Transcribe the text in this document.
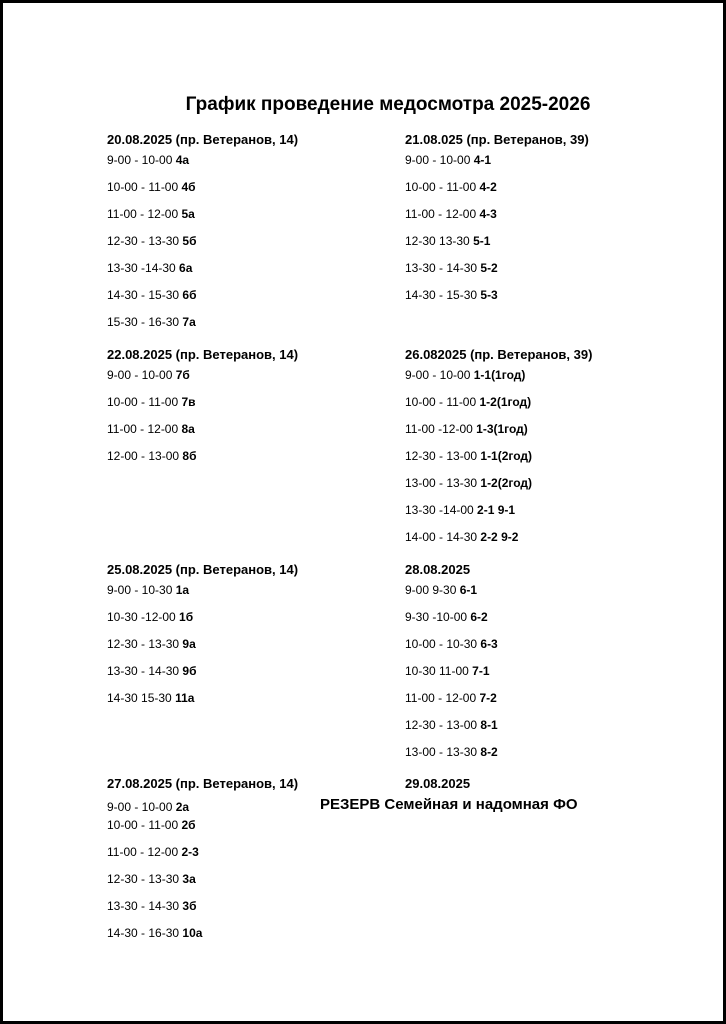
График проведение медосмотра 2025-2026
20.08.2025 (пр. Ветеранов, 14)
9-00 - 10-00 4а
10-00 - 11-00 4б
11-00 - 12-00 5а
12-30 - 13-30 5б
13-30 -14-30 6а
14-30 - 15-30 6б
15-30 - 16-30 7а
21.08.025 (пр. Ветеранов, 39)
9-00 - 10-00 4-1
10-00 - 11-00 4-2
11-00 - 12-00 4-3
12-30 13-30 5-1
13-30 - 14-30 5-2
14-30 - 15-30 5-3
22.08.2025 (пр. Ветеранов, 14)
9-00 - 10-00 7б
10-00 - 11-00 7в
11-00 - 12-00 8а
12-00 - 13-00 8б
26.082025 (пр. Ветеранов, 39)
9-00 - 10-00 1-1(1год)
10-00 - 11-00 1-2(1год)
11-00 -12-00 1-3(1год)
12-30 - 13-00 1-1(2год)
13-00 - 13-30 1-2(2год)
13-30 -14-00 2-1 9-1
14-00 - 14-30 2-2 9-2
25.08.2025 (пр. Ветеранов, 14)
9-00 - 10-30 1а
10-30 -12-00 1б
12-30 - 13-30 9а
13-30 - 14-30 9б
14-30 15-30 11а
28.08.2025
9-00 9-30 6-1
9-30 -10-00 6-2
10-00 - 10-30 6-3
10-30 11-00 7-1
11-00 - 12-00 7-2
12-30 - 13-00 8-1
13-00 - 13-30 8-2
27.08.2025 (пр. Ветеранов, 14)
9-00 - 10-00 2а
10-00 - 11-00 2б
11-00 - 12-00 2-3
12-30 - 13-30 3а
13-30 - 14-30 3б
14-30 - 16-30 10а
29.08.2025
РЕЗЕРВ Семейная и надомная ФО
